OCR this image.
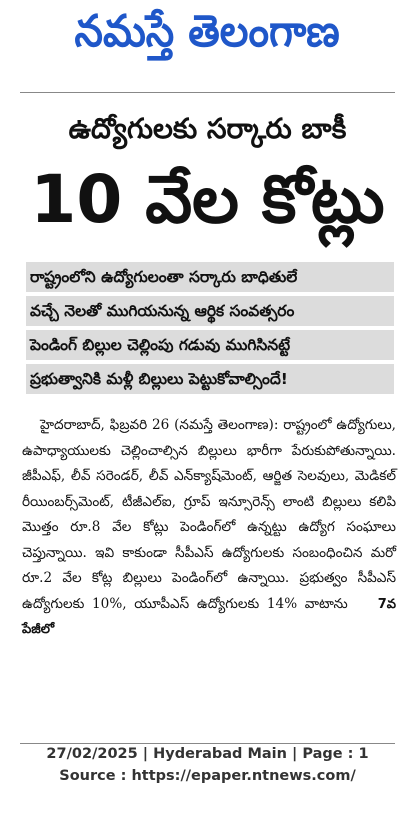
నమస్తే తెలంగాణ
ఉద్యోగులకు సర్కారు బాకీ
10 వేల కోట్లు
రాష్ట్రంలోని ఉద్యోగులంతా సర్కారు బాధితులే
వచ్చే నెలతో ముగియనున్న ఆర్థిక సంవత్సరం
పెండింగ్ బిల్లుల చెల్లింపు గడువు ముగిసినట్టే
ప్రభుత్వానికి మళ్లీ బిల్లులు పెట్టుకోవాల్సిందే!

హైదరాబాద్, ఫిబ్రవరి 26 (నమస్తే తెలంగాణ): రాష్ట్రంలో ఉద్యోగులు, ఉపాధ్యాయులకు చెల్లించాల్సిన బిల్లులు భారీగా పేరుకుపోతున్నాయి. జీపీఎఫ్, లీవ్ సరెండర్, లీవ్ ఎన్‌క్యాష్‌మెంట్, ఆర్జిత సెలవులు, మెడికల్ రీయింబర్స్‌మెంట్, టీజీఎల్ఐ, గ్రూప్ ఇన్సూరెన్స్ లాంటి బిల్లులు కలిపి మొత్తం రూ.8 వేల కోట్లు పెండింగ్‌లో ఉన్నట్టు ఉద్యోగ సంఘాలు చెప్తున్నాయి. ఇవి కాకుండా సీపీఎస్ ఉద్యోగులకు సంబంధించిన మరో రూ.2 వేల కోట్ల బిల్లులు పెండింగ్‌లో ఉన్నాయి. ప్రభుత్వం సీపీఎస్ ఉద్యోగులకు 10%, యూపీఎస్ ఉద్యోగులకు 14% వాటాను 7వ పేజీలో

27/02/2025 | Hyderabad Main | Page : 1
Source : https://epaper.ntnews.com/
